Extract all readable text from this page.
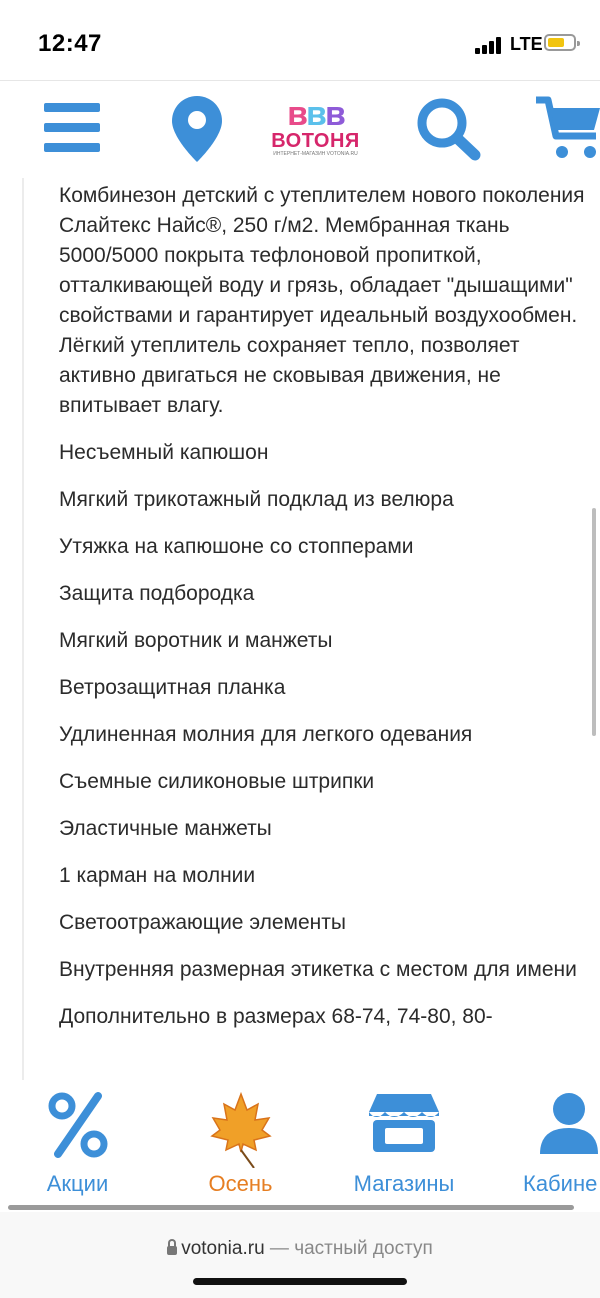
12:47	LTE
ʙʙʙ
ВОТОНЯ
ИНТЕРНЕТ-МАГАЗИН VOTONIA.RU

Комбинезон детский с утеплителем нового поколения Слайтекс Найс®, 250 г/м2. Мембранная ткань 5000/5000 покрыта тефлоновой пропиткой, отталкивающей воду и грязь, обладает "дышащими" свойствами и гарантирует идеальный воздухообмен. Лёгкий утеплитель сохраняет тепло, позволяет активно двигаться не сковывая движения, не впитывает влагу.

Несъемный капюшон
Мягкий трикотажный подклад из велюра
Утяжка на капюшоне со стопперами
Защита подбородка
Мягкий воротник и манжеты
Ветрозащитная планка
Удлиненная молния для легкого одевания
Съемные силиконовые штрипки
Эластичные манжеты
1 карман на молнии
Светоотражающие элементы
Внутренняя размерная этикетка с местом для имени
Дополнительно в размерах 68-74, 74-80, 80-
Акции	Осень	Магазины	Кабине
votonia.ru — частный доступ
